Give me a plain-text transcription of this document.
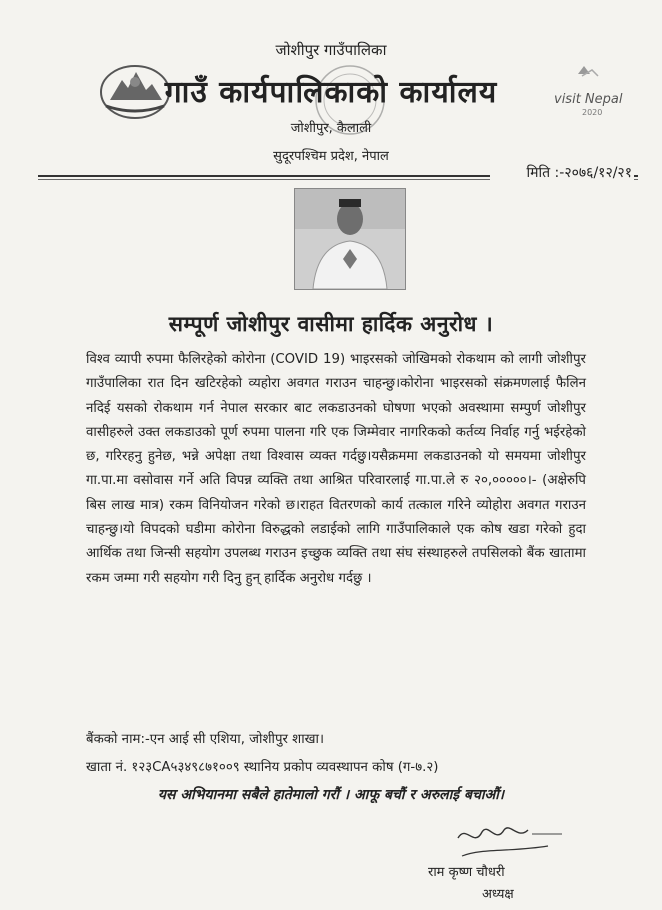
जोशीपुर गाउँपालिका
गाउँ कार्यपालिकाको कार्यालय
जोशीपुर, कैलाली
सुदूरपश्चिम प्रदेश, नेपाल
visit Nepal
2020
मिति :-२०७६/१२/२१
सम्पूर्ण जोशीपुर वासीमा हार्दिक अनुरोध ।

विश्व व्यापी रुपमा फैलिरहेको कोरोना (COVID 19) भाइरसको जोखिमको रोकथाम को लागी जोशीपुर गाउँपालिका रात दिन खटिरहेको व्यहोरा अवगत गराउन चाहन्छु।कोरोना भाइरसको संक्रमणलाई फैलिन नदिई यसको रोकथाम गर्न नेपाल सरकार बाट लकडाउनको घोषणा भएको अवस्थामा सम्पुर्ण जोशीपुर वासीहरुले उक्त लकडाउको पूर्ण रुपमा पालना गरि एक जिम्मेवार नागरिकको कर्तव्य निर्वाह गर्नु भईरहेको छ, गरिरहनु हुनेछ, भन्ने अपेक्षा तथा विश्वास व्यक्त गर्दछु।यसैक्रममा लकडाउनको यो समयमा जोशीपुर गा.पा.मा वसोवास गर्ने अति विपन्न व्यक्ति तथा आश्रित परिवारलाई गा.पा.ले रु २०,०००००।- (अक्षेरुपि बिस लाख मात्र) रकम विनियोजन गरेको छ।राहत वितरणको कार्य तत्काल गरिने व्योहोरा अवगत गराउन चाहन्छु।यो विपदको घडीमा कोरोना विरुद्धको लडाईको लागि गाउँपालिकाले एक कोष खडा गरेको हुदा आर्थिक तथा जिन्सी सहयोग उपलब्ध गराउन इच्छुक व्यक्ति तथा संघ संस्थाहरुले तपसिलको बैंक खातामा रकम जम्मा गरी सहयोग गरी दिनु हुन् हार्दिक अनुरोध गर्दछु ।

बैंकको नाम:-एन आई सी एशिया, जोशीपुर शाखा।
खाता नं. १२३CA५३४९८७१००९ स्थानिय प्रकोप व्यवस्थापन कोष (ग-७.२)
यस अभियानमा सबैले हातेमालो गरौं । आफू बचौं र अरुलाई बचाऔं।
राम कृष्ण चौधरी
अध्यक्ष
